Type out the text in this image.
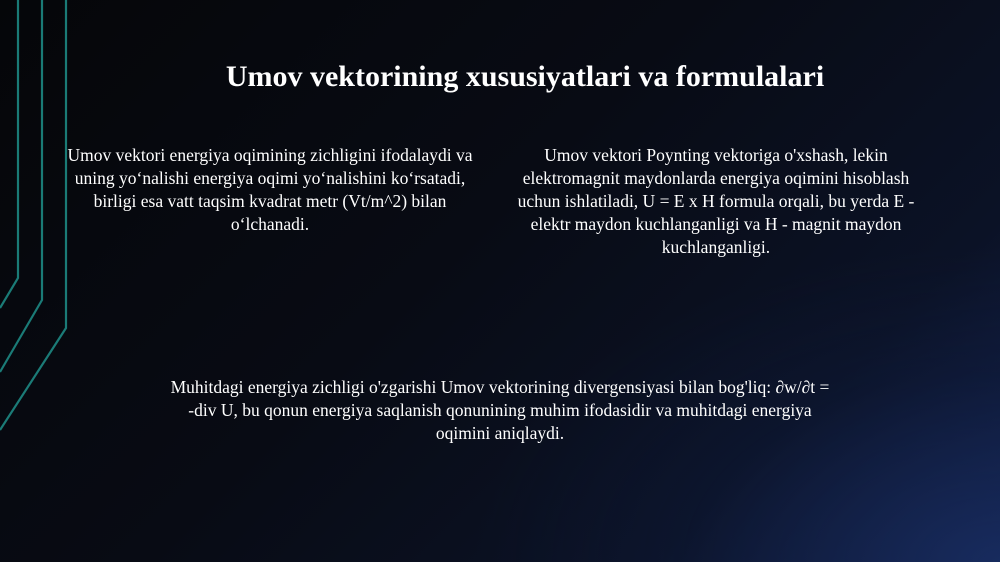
Umov vektorining xususiyatlari va formulalari

Umov vektori energiya oqimining zichligini ifodalaydi va uning yo‘nalishi energiya oqimi yo‘nalishini ko‘rsatadi, birligi esa vatt taqsim kvadrat metr (Vt/m^2) bilan o‘lchanadi.

Umov vektori Poynting vektoriga o'xshash, lekin elektromagnit maydonlarda energiya oqimini hisoblash uchun ishlatiladi, U = E x H formula orqali, bu yerda E - elektr maydon kuchlanganligi va H - magnit maydon kuchlanganligi.

Muhitdagi energiya zichligi o'zgarishi Umov vektorining divergensiyasi bilan bog'liq: ∂w/∂t = -div U, bu qonun energiya saqlanish qonunining muhim ifodasidir va muhitdagi energiya oqimini aniqlaydi.
